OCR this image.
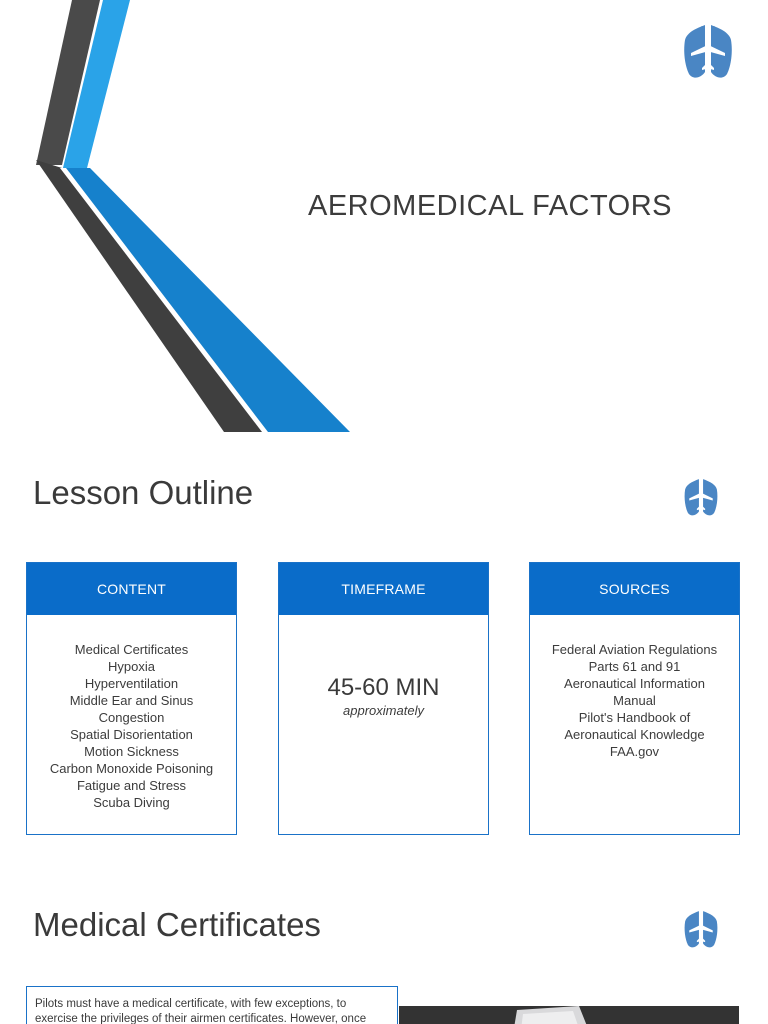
AEROMEDICAL FACTORS
Lesson Outline
CONTENT
Medical Certificates
Hypoxia
Hyperventilation
Middle Ear and Sinus
Congestion
Spatial Disorientation
Motion Sickness
Carbon Monoxide Poisoning
Fatigue and Stress
Scuba Diving
TIMEFRAME
45-60 MIN
approximately
SOURCES
Federal Aviation Regulations
Parts 61 and 91
Aeronautical Information
Manual
Pilot's Handbook of
Aeronautical Knowledge
FAA.gov
Medical Certificates
Pilots must have a medical certificate, with few exceptions, to exercise the privileges of their airmen certificates. However, once
